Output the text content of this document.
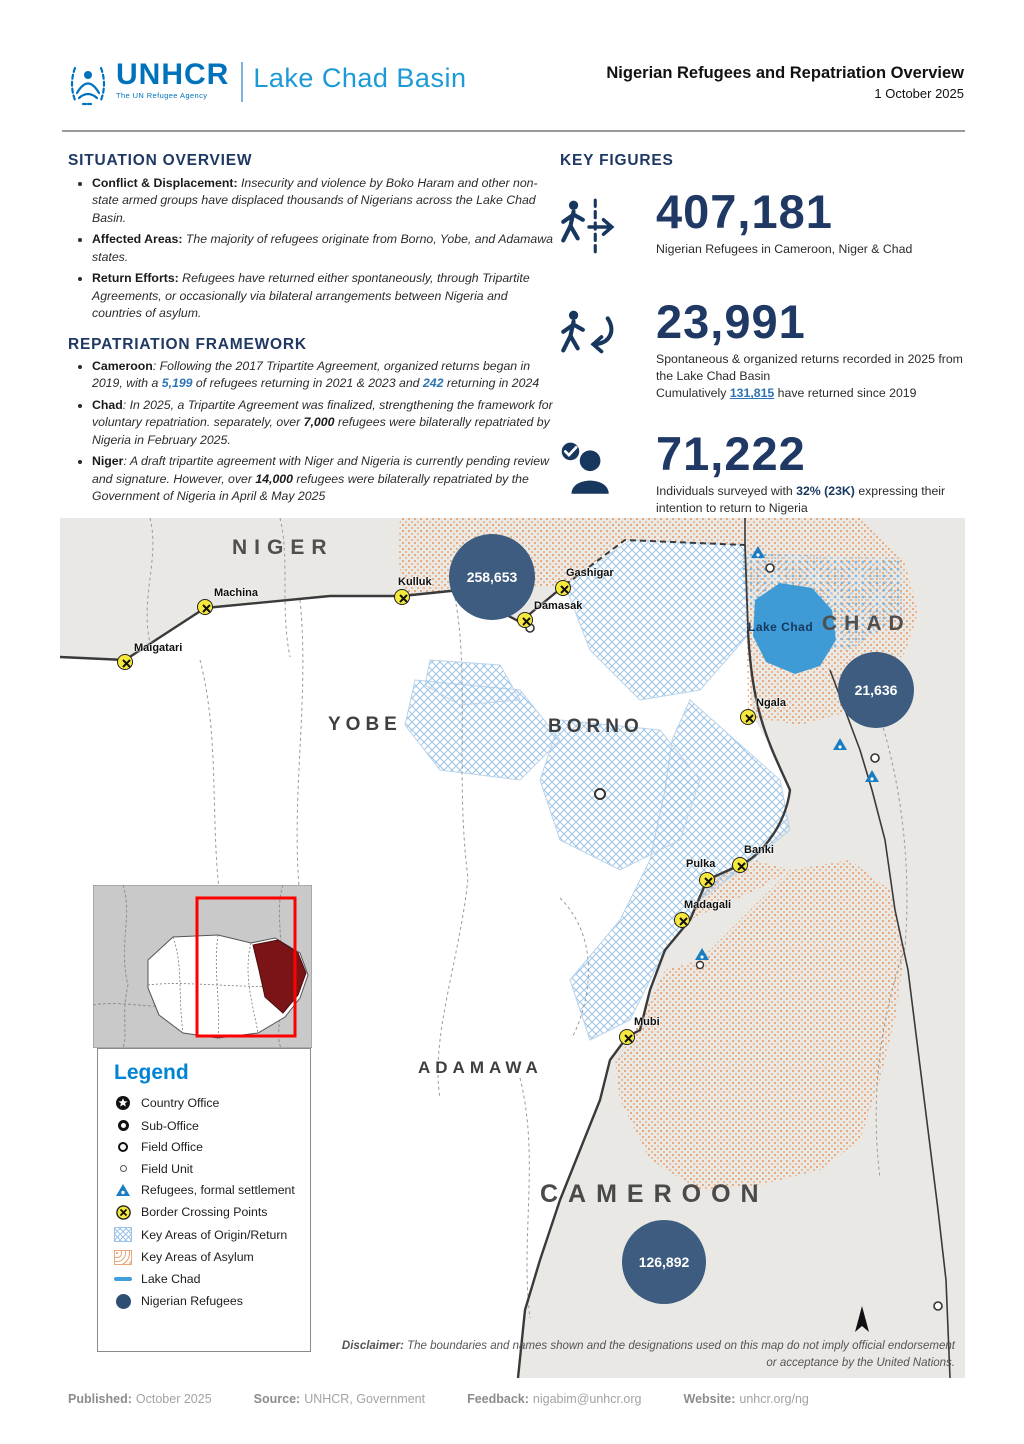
UNHCR
The UN Refugee Agency
Lake Chad Basin	Nigerian Refugees and Repatriation Overview
1 October 2025
SITUATION OVERVIEW
• Conflict & Displacement: Insecurity and violence by Boko Haram and other non-state armed groups have displaced thousands of Nigerians across the Lake Chad Basin.
• Affected Areas: The majority of refugees originate from Borno, Yobe, and Adamawa states.
• Return Efforts: Refugees have returned either spontaneously, through Tripartite Agreements, or occasionally via bilateral arrangements between Nigeria and countries of asylum.
REPATRIATION FRAMEWORK
• Cameroon: Following the 2017 Tripartite Agreement, organized returns began in 2019, with a 5,199 of refugees returning in 2021 & 2023 and 242 returning in 2024
• Chad: In 2025, a Tripartite Agreement was finalized, strengthening the framework for voluntary repatriation. separately, over 7,000 refugees were bilaterally repatriated by Nigeria in February 2025.
• Niger: A draft tripartite agreement with Niger and Nigeria is currently pending review and signature. However, over 14,000 refugees were bilaterally repatriated by the Government of Nigeria in April & May 2025
KEY FIGURES
407,181
Nigerian Refugees in Cameroon, Niger & Chad
23,991
Spontaneous & organized returns recorded in 2025 from the Lake Chad Basin
Cumulatively 131,815 have returned since 2019
71,222
Individuals surveyed with 32% (23K) expressing their intention to return to Nigeria
NIGER
CHAD
CAMEROON
YOBE	BORNO
ADAMAWA
Lake Chad
258,653
21,636
126,892
Maigatari
Machina
Kulluk
Gashigar
Damasak
Ngala
Pulka
Banki
Madagali
Mubi
Legend
Country Office
Sub-Office
Field Office
Field Unit
Refugees, formal settlement
Border Crossing Points
Key Areas of Origin/Return
Key Areas of Asylum
Lake Chad
Nigerian Refugees
Disclaimer: The boundaries and names shown and the designations used on this map do not imply official endorsement or acceptance by the United Nations.
Published: October 2025	Source: UNHCR, Government	Feedback: nigabim@unhcr.org	Website: unhcr.org/ng
